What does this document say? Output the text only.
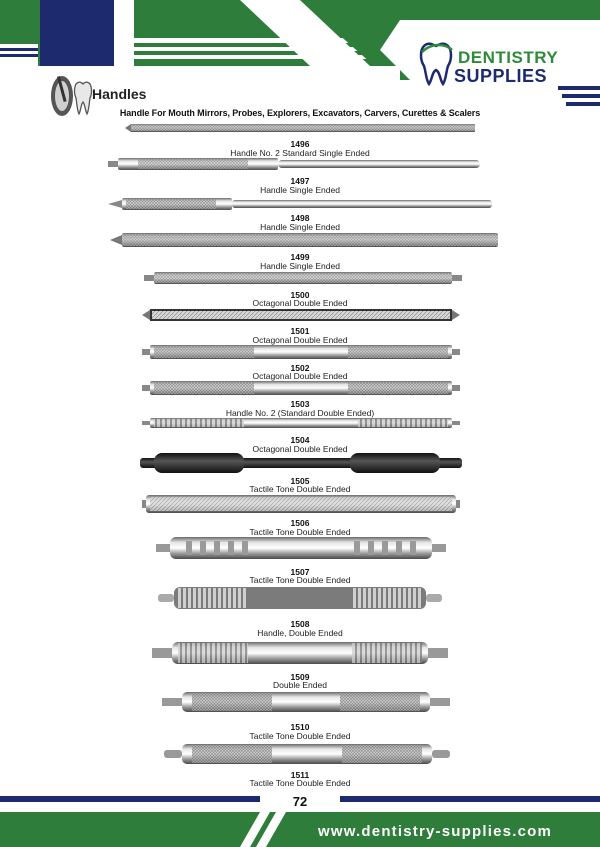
DENTISTRY
SUPPLIES
Handles
Handle For Mouth Mirrors, Probes, Explorers, Excavators, Carvers, Curettes & Scalers
1496
Handle No. 2 Standard Single Ended
1497
Handle Single Ended
1498
Handle Single Ended
1499
Handle Single Ended
1500
Octagonal Double Ended
1501
Octagonal Double Ended
1502
Octagonal Double Ended
1503
Handle No. 2 (Standard Double Ended)
1504
Octagonal Double Ended
1505
Tactile Tone Double Ended
1506
Tactile Tone Double Ended
1507
Tactile Tone Double Ended
1508
Handle, Double Ended
1509
Double Ended
1510
Tactile Tone Double Ended
1511
Tactile Tone Double Ended
72
www.dentistry-supplies.com
